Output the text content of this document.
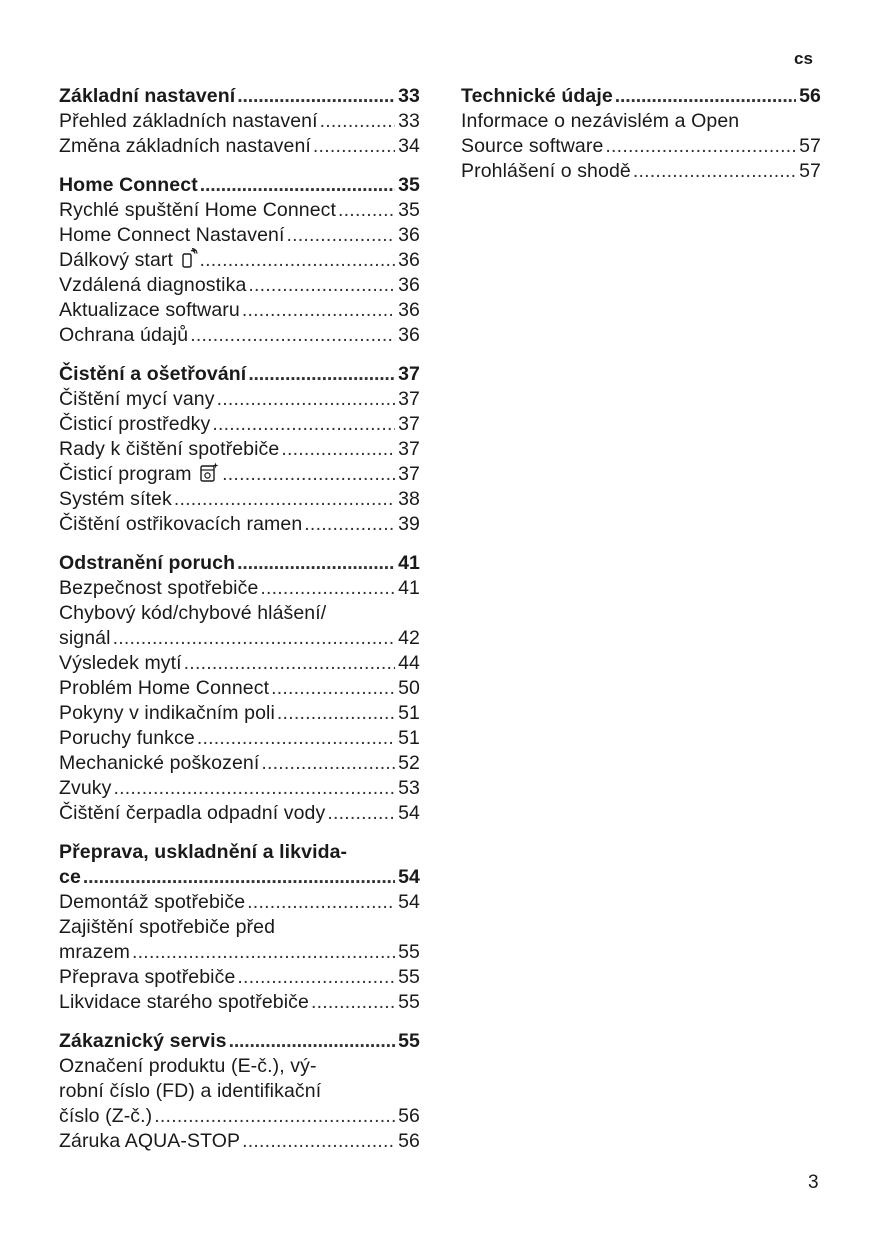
cs
Základní nastavení . . .	33
Přehled základních nastavení . . .	33
Změna základních nastavení . . .	34
Home Connect . . .	35
Rychlé spuštění Home Connect . . .	35
Home Connect Nastavení . . .	36
Dálkový start . . .	36
Vzdálená diagnostika . . .	36
Aktualizace softwaru . . .	36
Ochrana údajů . . .	36
Čistění a ošetřování . . .	37
Čištění mycí vany . . .	37
Čisticí prostředky . . .	37
Rady k čištění spotřebiče . . .	37
Čisticí program . . .	37
Systém sítek . . .	38
Čištění ostřikovacích ramen . . .	39
Odstranění poruch . . .	41
Bezpečnost spotřebiče . . .	41
Chybový kód/chybové hlášení/
signál . . .	42
Výsledek mytí . . .	44
Problém Home Connect . . .	50
Pokyny v indikačním poli . . .	51
Poruchy funkce . . .	51
Mechanické poškození . . .	52
Zvuky . . .	53
Čištění čerpadla odpadní vody . . .	54
Přeprava, uskladnění a likvida-
ce . . .	54
Demontáž spotřebiče . . .	54
Zajištění spotřebiče před
mrazem . . .	55
Přeprava spotřebiče . . .	55
Likvidace starého spotřebiče . . .	55
Zákaznický servis . . .	55
Označení produktu (E-č.), vý-
robní číslo (FD) a identifikační
číslo (Z-č.) . . .	56
Záruka AQUA-STOP . . .	56
Technické údaje . . .	56
Informace o nezávislém a Open
Source software . . .	57
Prohlášení o shodě . . .	57
3
